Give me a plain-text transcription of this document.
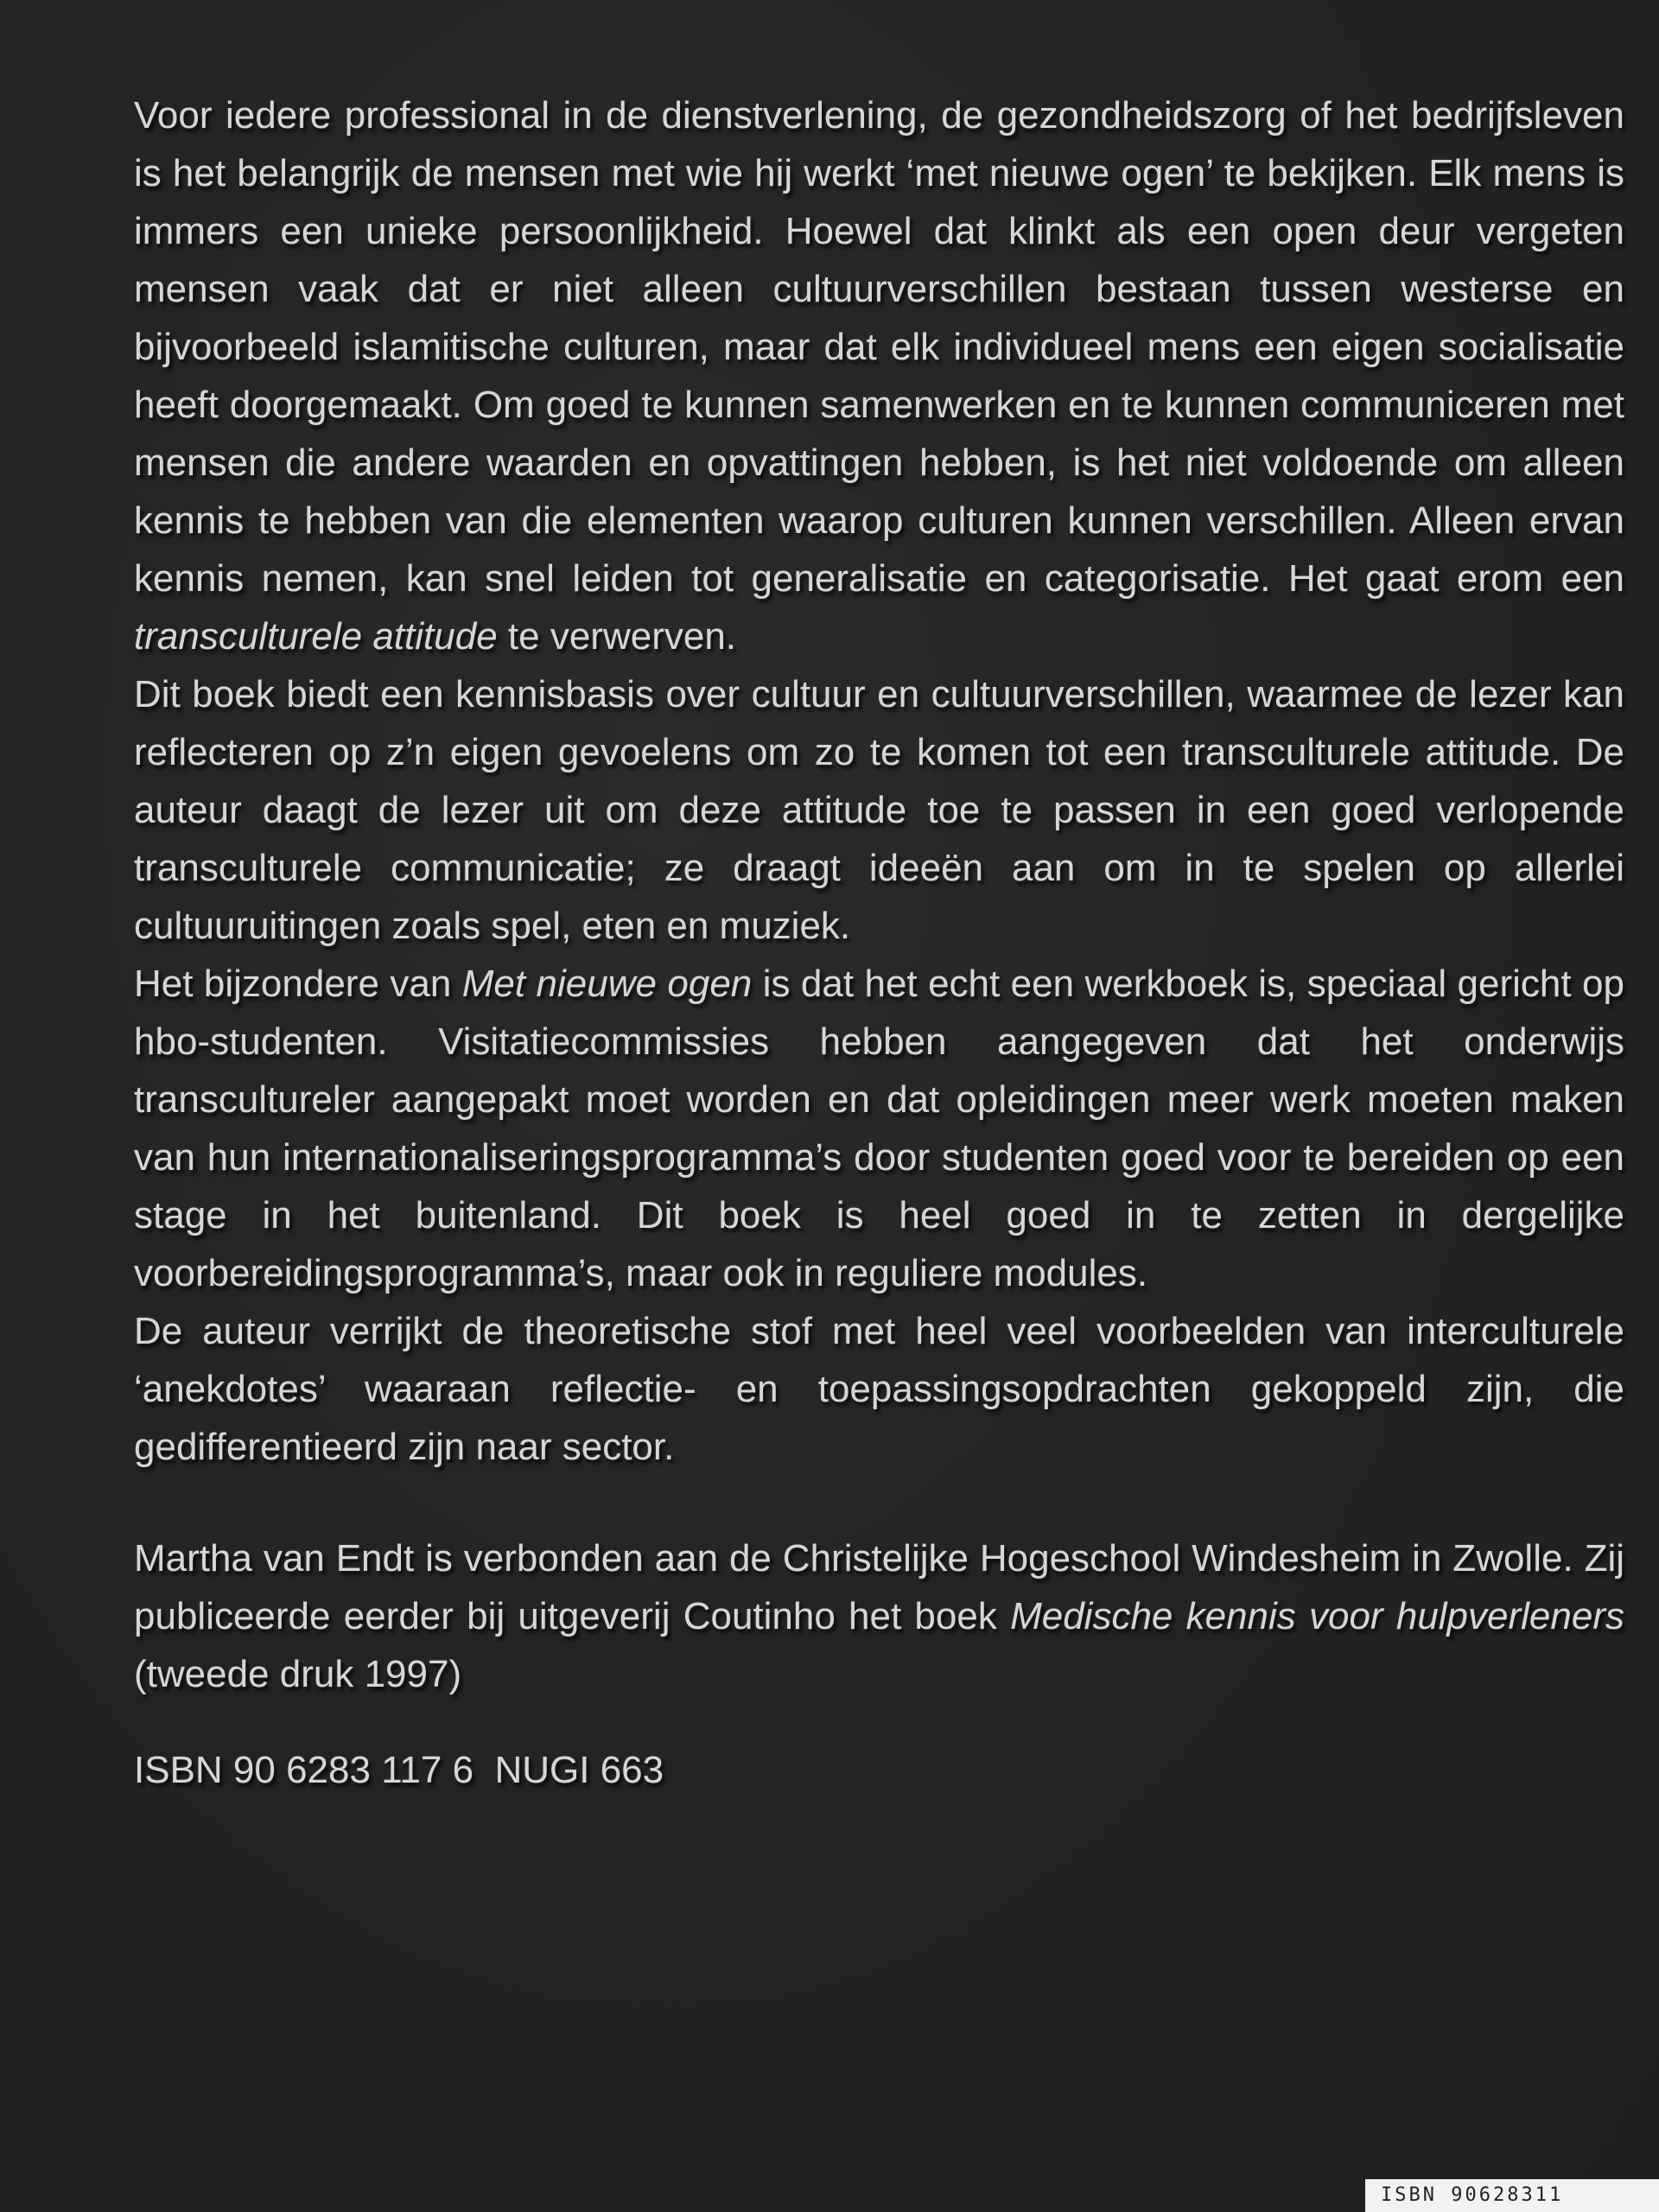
Voor iedere professional in de dienstverlening, de gezondheidszorg of het bedrijfsleven is het belangrijk de mensen met wie hij werkt ‘met nieuwe ogen’ te bekijken. Elk mens is immers een unieke persoonlijkheid. Hoewel dat klinkt als een open deur vergeten mensen vaak dat er niet alleen cultuurverschillen bestaan tussen westerse en bijvoorbeeld islamitische culturen, maar dat elk individueel mens een eigen socialisatie heeft doorgemaakt. Om goed te kunnen samenwerken en te kunnen communiceren met mensen die andere waarden en opvattingen hebben, is het niet voldoende om alleen kennis te hebben van die elementen waarop culturen kunnen verschillen. Alleen ervan kennis nemen, kan snel leiden tot generalisatie en categorisatie. Het gaat erom een transculturele attitude te verwerven.

Dit boek biedt een kennisbasis over cultuur en cultuurverschillen, waarmee de lezer kan reflecteren op z’n eigen gevoelens om zo te komen tot een transculturele attitude. De auteur daagt de lezer uit om deze attitude toe te passen in een goed verlopende transculturele communicatie; ze draagt ideeën aan om in te spelen op allerlei cultuuruitingen zoals spel, eten en muziek.

Het bijzondere van Met nieuwe ogen is dat het echt een werkboek is, speciaal gericht op hbo-studenten. Visitatiecommissies hebben aangegeven dat het onderwijs transcultureler aangepakt moet worden en dat opleidingen meer werk moeten maken van hun internationaliseringsprogramma’s door studenten goed voor te bereiden op een stage in het buitenland. Dit boek is heel goed in te zetten in dergelijke voorbereidingsprogramma’s, maar ook in reguliere modules.

De auteur verrijkt de theoretische stof met heel veel voorbeelden van interculturele ‘anekdotes’ waaraan reflectie- en toepassingsopdrachten gekoppeld zijn, die gedifferentieerd zijn naar sector.

Martha van Endt is verbonden aan de Christelijke Hogeschool Windesheim in Zwolle. Zij publiceerde eerder bij uitgeverij Coutinho het boek Medische kennis voor hulpverleners (tweede druk 1997)

ISBN 90 6283 117 6  NUGI 663

ISBN 90628311
